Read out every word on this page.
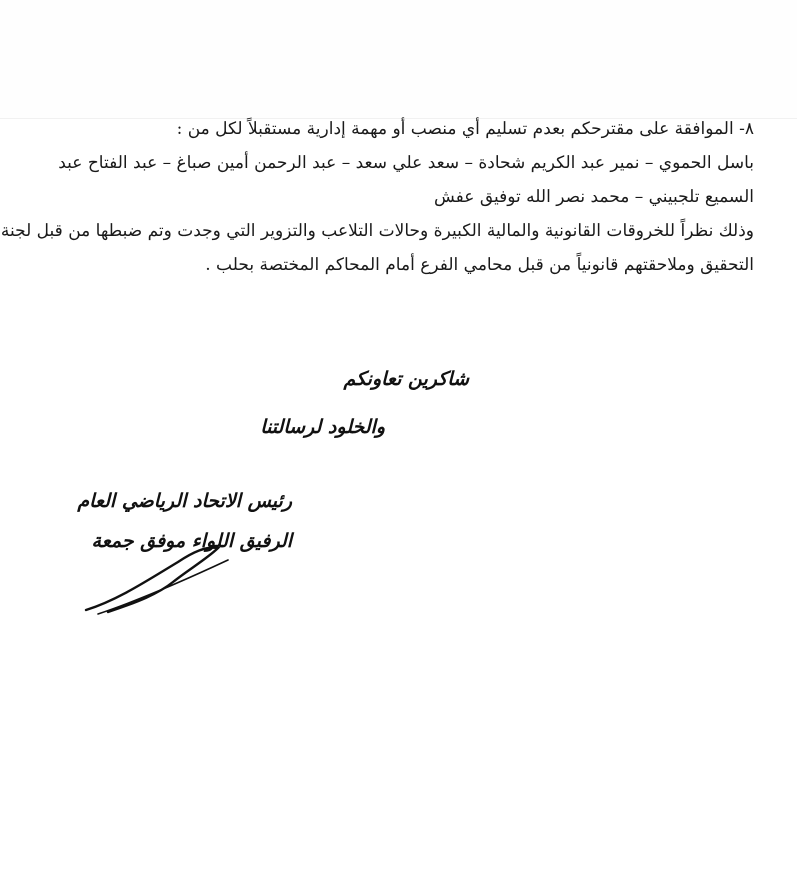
٨- الموافقة على مقترحكم بعدم تسليم أي منصب أو مهمة إدارية مستقبلاً لكل من :

باسل الحموي – نمير عبد الكريم شحادة – سعد علي سعد – عبد الرحمن أمين صباغ – عبد الفتاح عبد

السميع تلجبيني – محمد نصر الله توفيق عفش

وذلك نظراً للخروقات القانونية والمالية الكبيرة وحالات التلاعب والتزوير التي وجدت وتم ضبطها من قبل لجنة

التحقيق وملاحقتهم قانونياً من قبل محامي الفرع أمام المحاكم المختصة بحلب .

شاكرين تعاونكم
والخلود لرسالتنا

رئيس الاتحاد الرياضي العام

الرفيق اللواء موفق جمعة
